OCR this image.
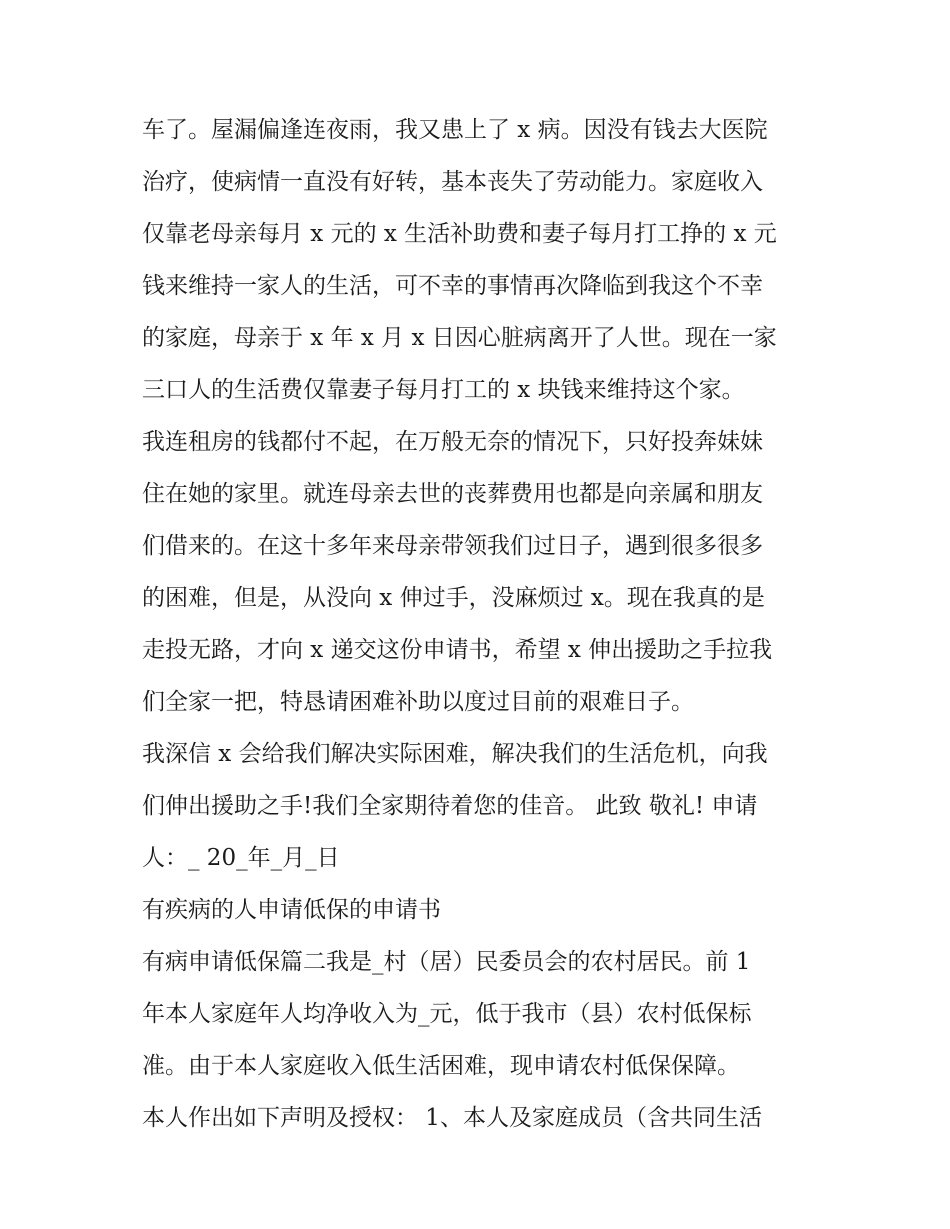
车了。屋漏偏逢连夜雨，我又患上了 x 病。因没有钱去大医院
治疗，使病情一直没有好转，基本丧失了劳动能力。家庭收入
仅靠老母亲每月 x 元的 x 生活补助费和妻子每月打工挣的 x 元
钱来维持一家人的生活，可不幸的事情再次降临到我这个不幸
的家庭，母亲于 x 年 x 月 x 日因心脏病离开了人世。现在一家
三口人的生活费仅靠妻子每月打工的 x 块钱来维持这个家。
我连租房的钱都付不起，在万般无奈的情况下，只好投奔妹妹
住在她的家里。就连母亲去世的丧葬费用也都是向亲属和朋友
们借来的。在这十多年来母亲带领我们过日子，遇到很多很多
的困难，但是，从没向 x 伸过手，没麻烦过 x。现在我真的是
走投无路，才向 x 递交这份申请书，希望 x 伸出援助之手拉我
们全家一把，特恳请困难补助以度过目前的艰难日子。
我深信 x 会给我们解决实际困难，解决我们的生活危机，向我
们伸出援助之手!我们全家期待着您的佳音。 此致 敬礼! 申请
人：_ 20_年_月_日
有疾病的人申请低保的申请书
有病申请低保篇二我是_村（居）民委员会的农村居民。前 1
年本人家庭年人均净收入为_元，低于我市（县）农村低保标
准。由于本人家庭收入低生活困难，现申请农村低保保障。
本人作出如下声明及授权： 1、本人及家庭成员（含共同生活
